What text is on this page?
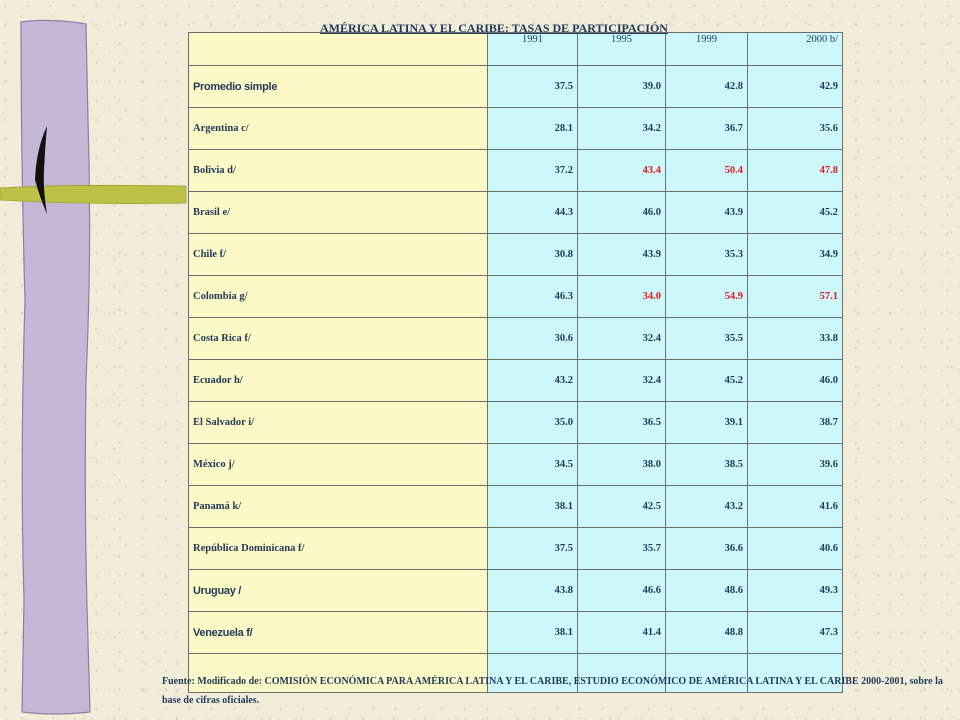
AMÉRICA LATINA Y EL CARIBE: TASAS DE PARTICIPACIÓN

	1991	1995	1999	2000 b/
Promedio simple	37.5	39.0	42.8	42.9
Argentina c/	28.1	34.2	36.7	35.6
Bolivia d/	37.2	43.4	50.4	47.8
Brasil e/	44.3	46.0	43.9	45.2
Chile f/	30.8	43.9	35.3	34.9
Colombia g/	46.3	34.0	54.9	57.1
Costa Rica f/	30.6	32.4	35.5	33.8
Ecuador h/	43.2	32.4	45.2	46.0
El Salvador i/	35.0	36.5	39.1	38.7
México j/	34.5	38.0	38.5	39.6
Panamá k/	38.1	42.5	43.2	41.6
República Dominicana f/	37.5	35.7	36.6	40.6
Uruguay /	43.8	46.6	48.6	49.3
Venezuela f/	38.1	41.4	48.8	47.3

Fuente: Modificado de: COMISIÓN ECONÓMICA PARA AMÉRICA LATINA Y EL CARIBE, ESTUDIO ECONÓMICO DE AMÉRICA LATINA Y EL CARIBE 2000-2001, sobre la base de cifras oficiales.
